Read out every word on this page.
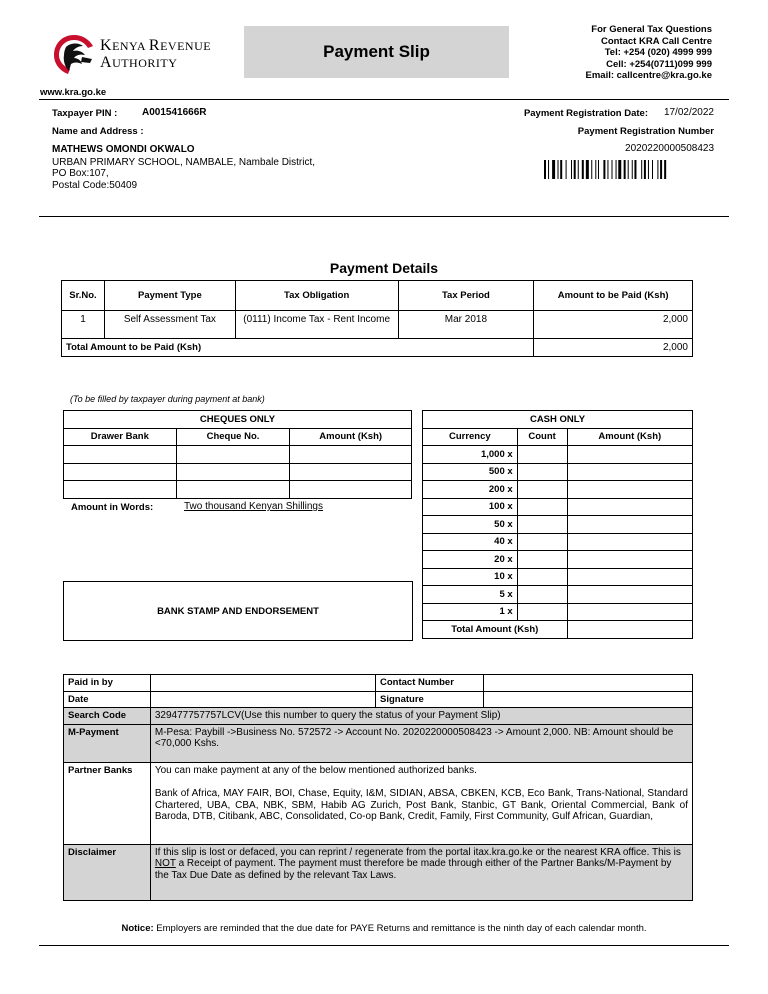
KENYA REVENUE
AUTHORITY
Payment Slip
For General Tax Questions
Contact KRA Call Centre
Tel: +254 (020) 4999 999
Cell: +254(0711)099 999
Email: callcentre@kra.go.ke
www.kra.go.ke
Taxpayer PIN : A001541666R
Name and Address :
MATHEWS OMONDI OKWALO
URBAN PRIMARY SCHOOL, NAMBALE, Nambale District,
PO Box:107,
Postal Code:50409
Payment Registration Date: 17/02/2022
Payment Registration Number
2020220000508423
Payment Details
Sr.No.	Payment Type	Tax Obligation	Tax Period	Amount to be Paid (Ksh)
1	Self Assessment Tax	(0111) Income Tax - Rent Income	Mar 2018	2,000
Total Amount to be Paid (Ksh)				2,000
(To be filled by taxpayer during payment at bank)
CHEQUES ONLY		
Drawer Bank	Cheque No.	Amount (Ksh)

Amount in Words:	Two thousand Kenyan Shillings
BANK STAMP AND ENDORSEMENT
CASH ONLY		
Currency	Count	Amount (Ksh)
1,000 x		
500 x		
200 x		
100 x		
50 x		
40 x		
20 x		
10 x		
5 x		
1 x		
Total Amount (Ksh)		
Paid in by		Contact Number	
Date		Signature	
Search Code	329477757757LCV(Use this number to query the status of your Payment Slip)		
M-Payment	M-Pesa: Paybill ->Business No. 572572 -> Account No. 2020220000508423 -> Amount 2,000. NB: Amount should be <70,000 Kshs.		
Partner Banks	You can make payment at any of the below mentioned authorized banks.
Bank of Africa, MAY FAIR, BOI, Chase, Equity, I&M, SIDIAN, ABSA, CBKEN, KCB, Eco Bank, Trans-National, Standard Chartered, UBA, CBA, NBK, SBM, Habib AG Zurich, Post Bank, Stanbic, GT Bank, Oriental Commercial, Bank of Baroda, DTB, Citibank, ABC, Consolidated, Co-op Bank, Credit, Family, First Community, Gulf African, Guardian,		

Disclaimer	If this slip is lost or defaced, you can reprint / regenerate from the portal itax.kra.go.ke or the nearest KRA office. This is NOT a Receipt of payment. The payment must therefore be made through either of the Partner Banks/M-Payment by the Tax Due Date as defined by the relevant Tax Laws.		
Notice: Employers are reminded that the due date for PAYE Returns and remittance is the ninth day of each calendar month.
